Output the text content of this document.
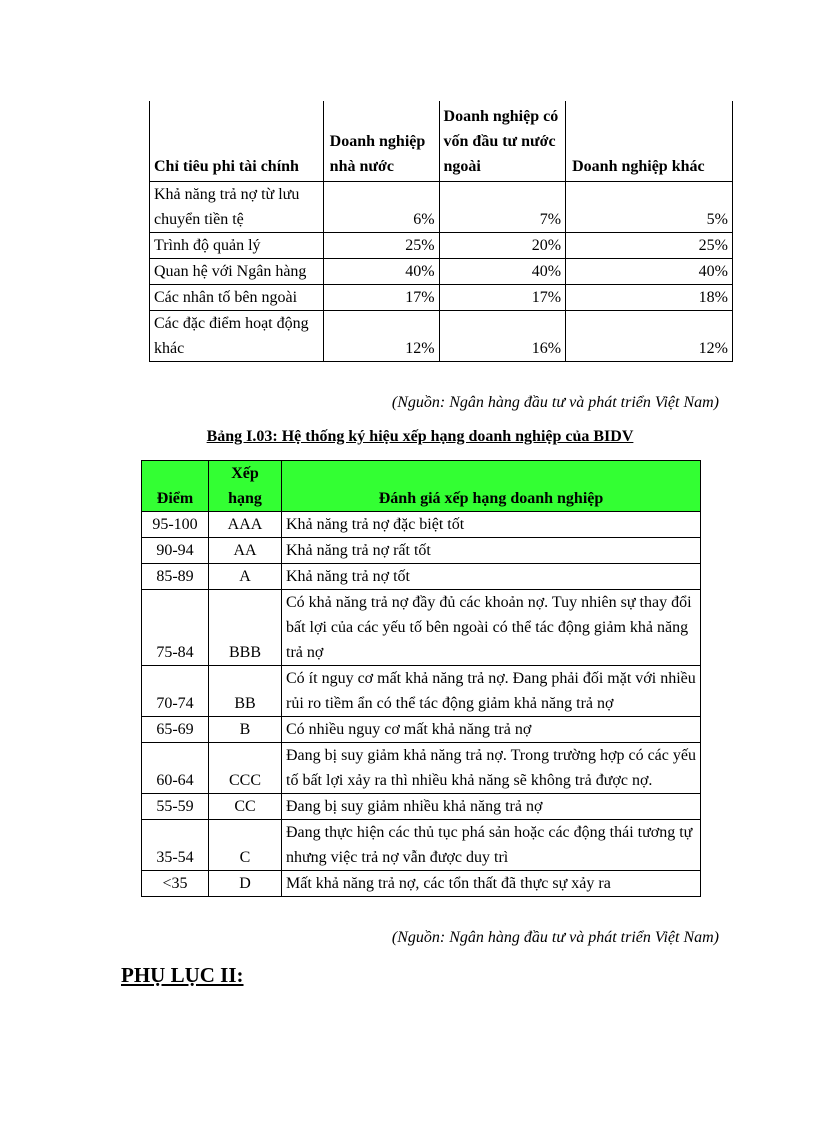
Chỉ tiêu phi tài chính	Doanh nghiệp nhà nước	Doanh nghiệp có vốn đầu tư nước ngoài	Doanh nghiệp khác
Khả năng trả nợ từ lưu chuyển tiền tệ	6%	7%	5%
Trình độ quản lý	25%	20%	25%
Quan hệ với Ngân hàng	40%	40%	40%
Các nhân tố bên ngoài	17%	17%	18%
Các đặc điểm hoạt động khác	12%	16%	12%
(Nguồn: Ngân hàng đầu tư và phát triển Việt Nam)
Bảng I.03: Hệ thống ký hiệu xếp hạng doanh nghiệp của BIDV
Điểm	Xếp hạng	Đánh giá xếp hạng doanh nghiệp
95-100	AAA	Khả năng trả nợ đặc biệt tốt
90-94	AA	Khả năng trả nợ rất tốt
85-89	A	Khả năng trả nợ tốt
75-84	BBB	Có khả năng trả nợ đầy đủ các khoản nợ. Tuy nhiên sự thay đổi bất lợi của các yếu tố bên ngoài có thể tác động giảm khả năng trả nợ
70-74	BB	Có ít nguy cơ mất khả năng trả nợ. Đang phải đối mặt với nhiều rủi ro tiềm ẩn có thể tác động giảm khả năng trả nợ
65-69	B	Có nhiều nguy cơ mất khả năng trả nợ
60-64	CCC	Đang bị suy giảm khả năng trả nợ. Trong trường hợp có các yếu tố bất lợi xảy ra thì nhiều khả năng sẽ không trả được nợ.
55-59	CC	Đang bị suy giảm nhiều khả năng trả nợ
35-54	C	Đang thực hiện các thủ tục phá sản hoặc các động thái tương tự nhưng việc trả nợ vẫn được duy trì
<35	D	Mất khả năng trả nợ, các tổn thất đã thực sự xảy ra
(Nguồn: Ngân hàng đầu tư và phát triển Việt Nam)
PHỤ LỤC II:
